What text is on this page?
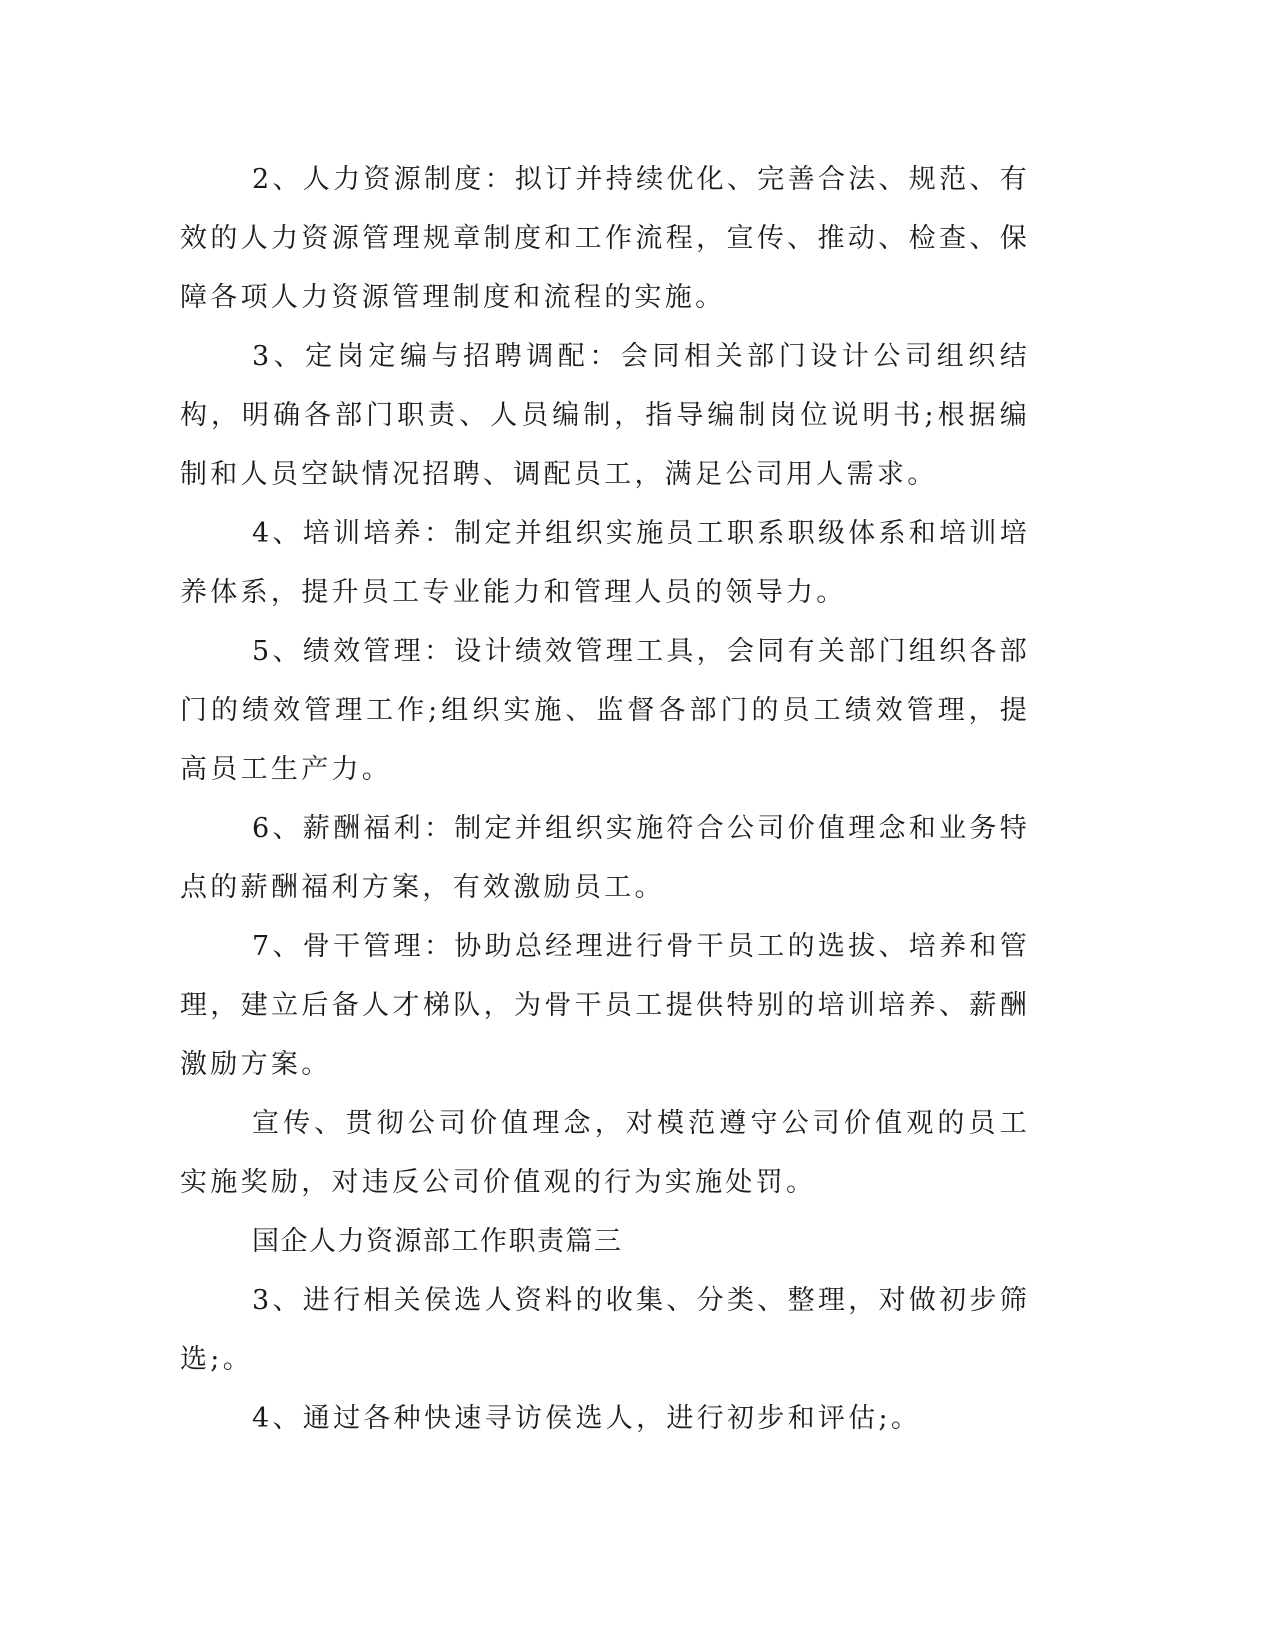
2、人力资源制度：拟订并持续优化、完善合法、规范、有效的人力资源管理规章制度和工作流程，宣传、推动、检查、保障各项人力资源管理制度和流程的实施。

3、定岗定编与招聘调配：会同相关部门设计公司组织结构，明确各部门职责、人员编制，指导编制岗位说明书;根据编制和人员空缺情况招聘、调配员工，满足公司用人需求。

4、培训培养：制定并组织实施员工职系职级体系和培训培养体系，提升员工专业能力和管理人员的领导力。

5、绩效管理：设计绩效管理工具，会同有关部门组织各部门的绩效管理工作;组织实施、监督各部门的员工绩效管理，提高员工生产力。

6、薪酬福利：制定并组织实施符合公司价值理念和业务特点的薪酬福利方案，有效激励员工。

7、骨干管理：协助总经理进行骨干员工的选拔、培养和管理，建立后备人才梯队，为骨干员工提供特别的培训培养、薪酬激励方案。

宣传、贯彻公司价值理念，对模范遵守公司价值观的员工实施奖励，对违反公司价值观的行为实施处罚。

国企人力资源部工作职责篇三

3、进行相关侯选人资料的收集、分类、整理，对做初步筛选;。

4、通过各种快速寻访侯选人，进行初步和评估;。
